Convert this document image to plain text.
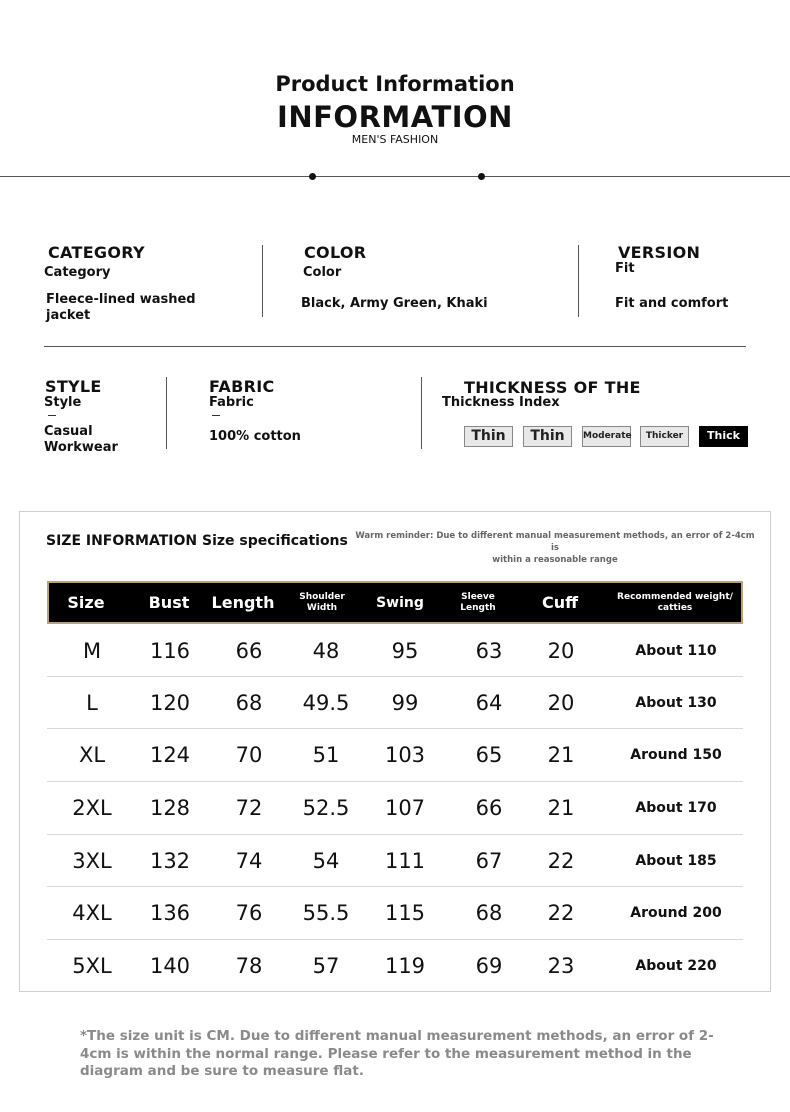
Product Information
INFORMATION
MEN'S FASHION
CATEGORY
Category
Fleece-lined washed jacket
COLOR
Color
Black, Army Green, Khaki
VERSION
Fit
Fit and comfort
STYLE
Style
Casual
Workwear
FABRIC
Fabric
100% cotton
THICKNESS OF THE
Thickness Index
Thin	Thin	Moderate	Thicker	Thick
SIZE INFORMATION Size specifications Warm reminder: Due to different manual measurement methods, an error of 2-4cm is
within a reasonable range
Size	Bust	Length	Shoulder Width	Swing	Sleeve Length	Cuff	Recommended weight/ catties
M	116	66	48	95	63	20	About 110
L	120	68	49.5	99	64	20	About 130
XL	124	70	51	103	65	21	Around 150
2XL	128	72	52.5	107	66	21	About 170
3XL	132	74	54	111	67	22	About 185
4XL	136	76	55.5	115	68	22	Around 200
5XL	140	78	57	119	69	23	About 220
*The size unit is CM. Due to different manual measurement methods, an error of 2-4cm is within the normal range. Please refer to the measurement method in the diagram and be sure to measure flat.
